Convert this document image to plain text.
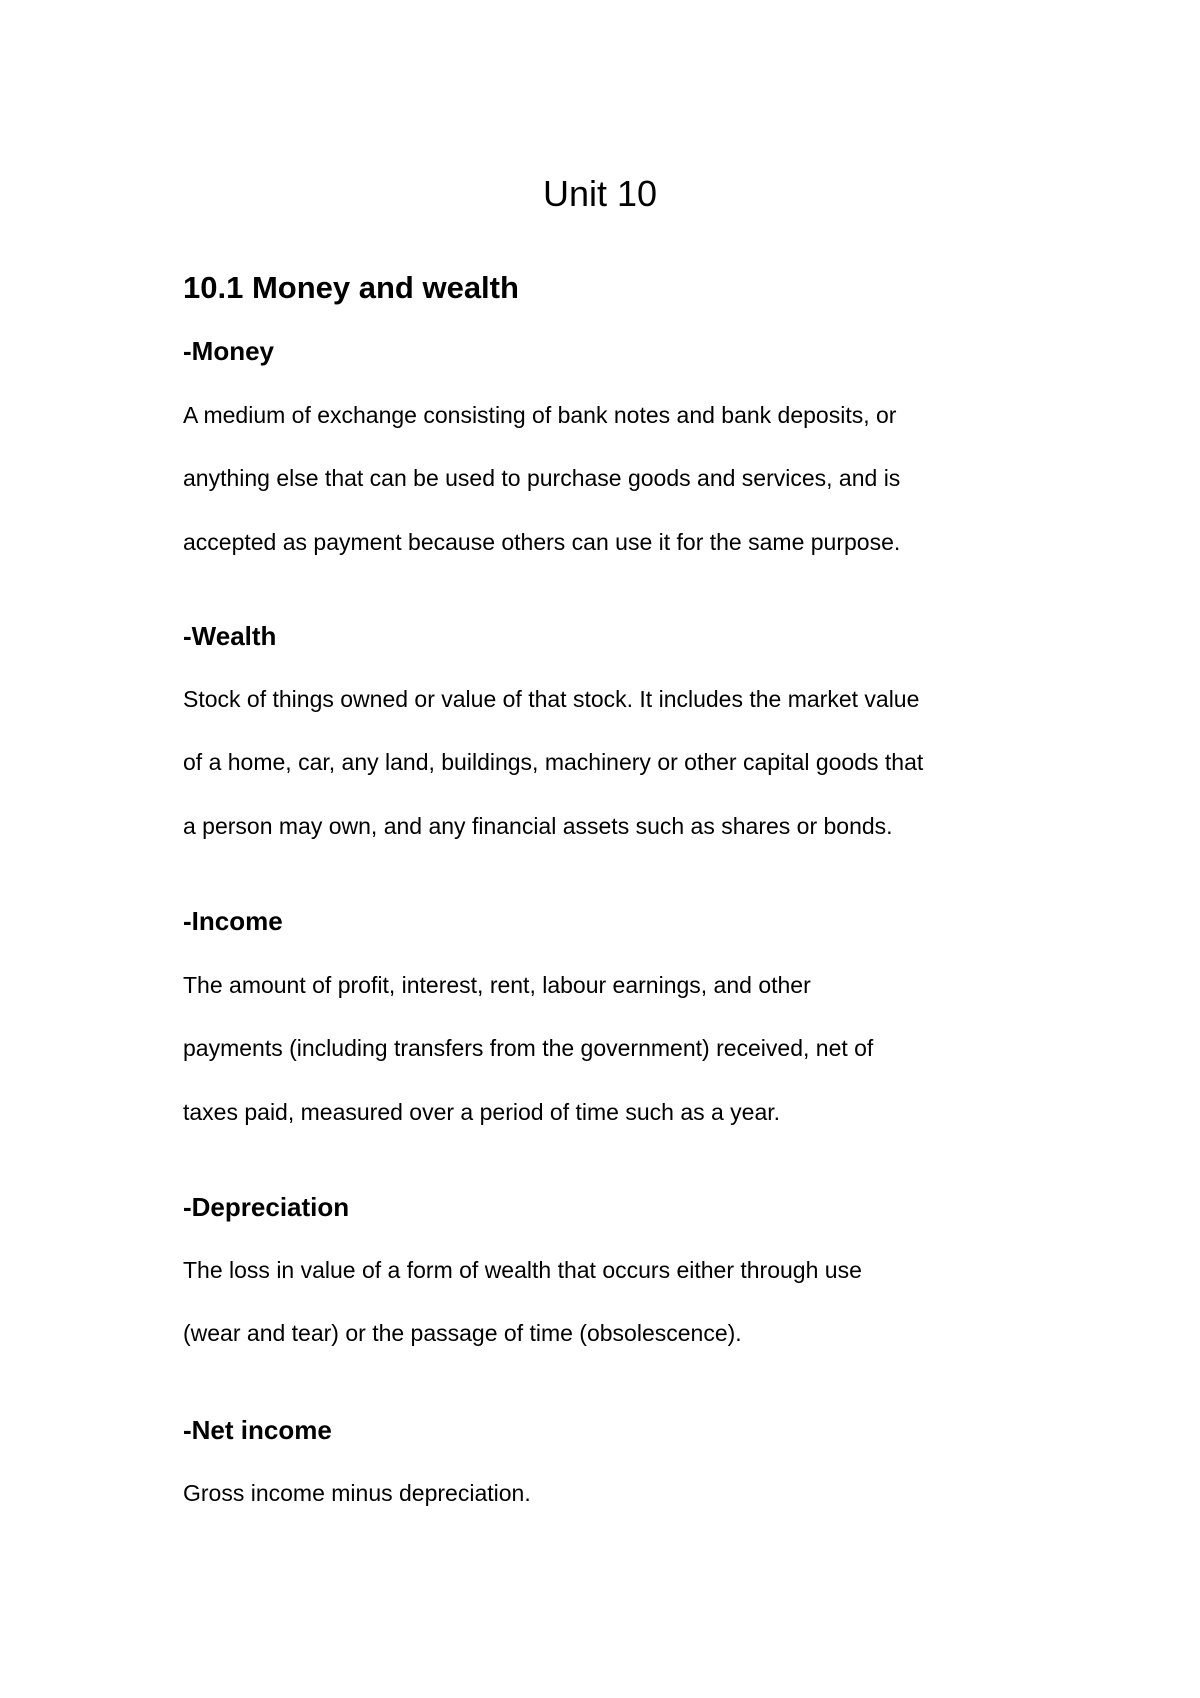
Unit 10
10.1 Money and wealth
-Money
A medium of exchange consisting of bank notes and bank deposits, or
anything else that can be used to purchase goods and services, and is
accepted as payment because others can use it for the same purpose.
-Wealth
Stock of things owned or value of that stock. It includes the market value
of a home, car, any land, buildings, machinery or other capital goods that
a person may own, and any financial assets such as shares or bonds.
-Income
The amount of profit, interest, rent, labour earnings, and other
payments (including transfers from the government) received, net of
taxes paid, measured over a period of time such as a year.
-Depreciation
The loss in value of a form of wealth that occurs either through use
(wear and tear) or the passage of time (obsolescence).
-Net income
Gross income minus depreciation.
